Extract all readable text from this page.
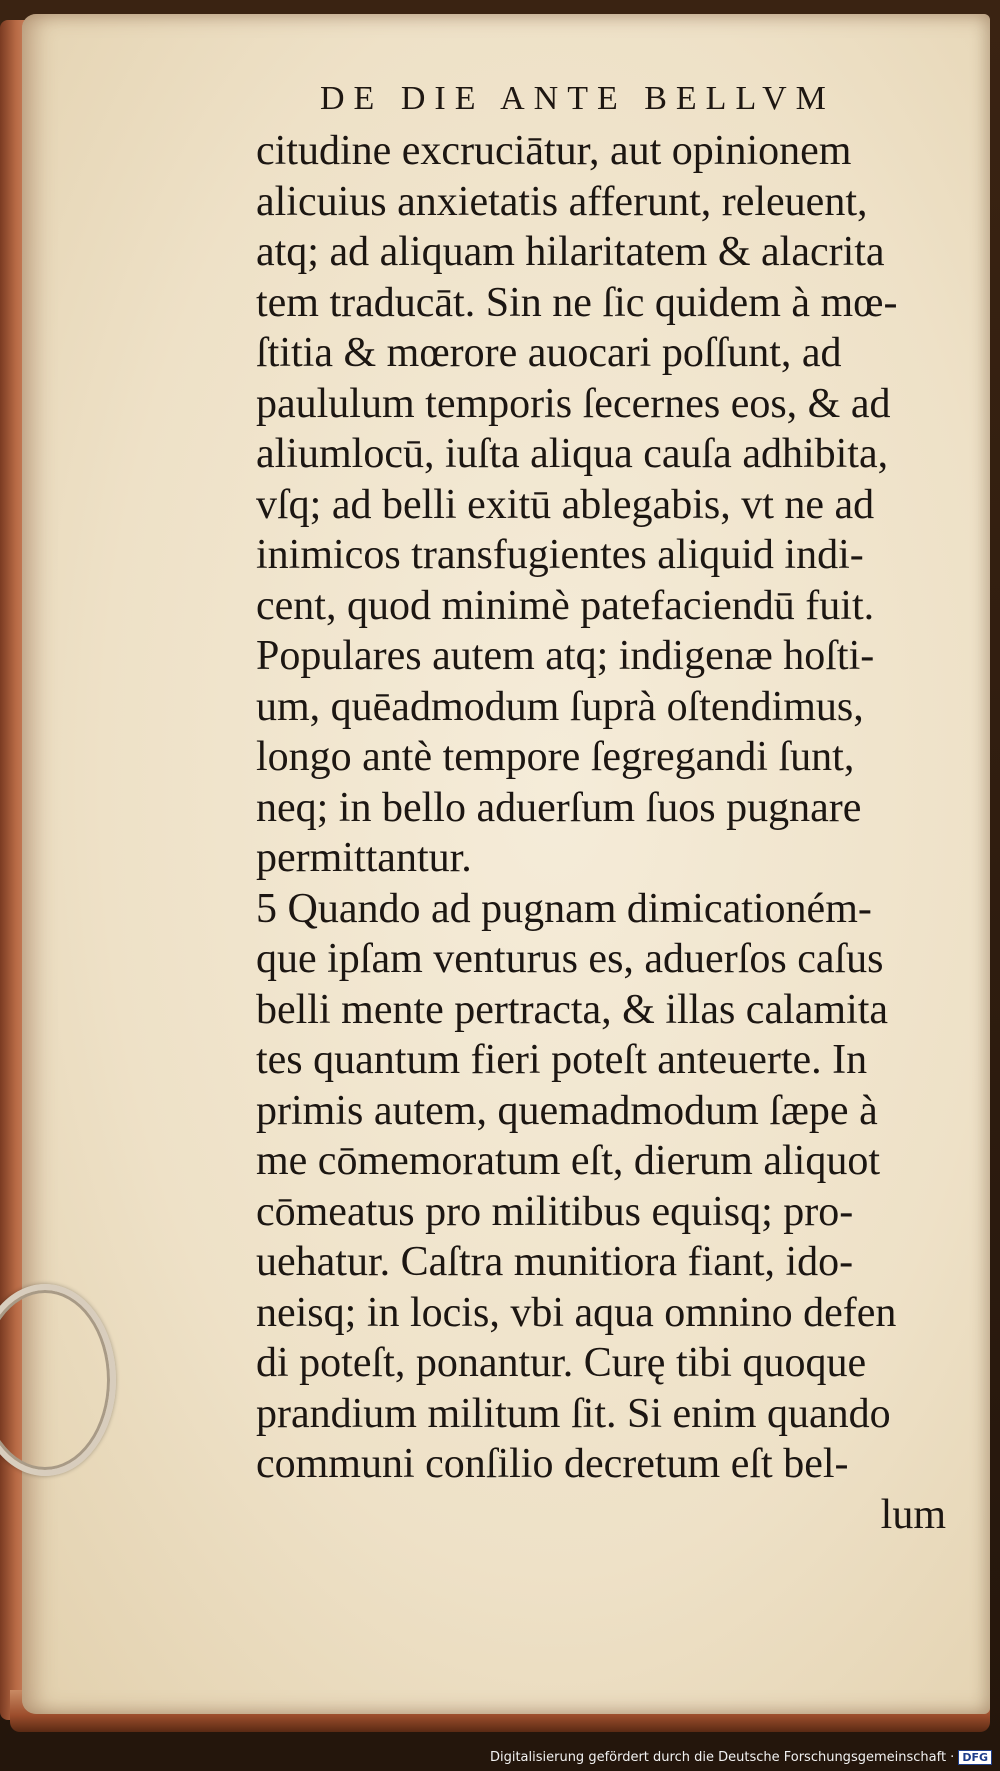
DE DIE ANTE BELLVM
citudine excruciātur, aut opinionem
alicuius anxietatis afferunt, releuent,
atq; ad aliquam hilaritatem & alacrita
tem traducāt. Sin ne ſic quidem à mœ-
ſtitia & mœrore auocari poſſunt, ad
paululum temporis ſecernes eos, & ad
aliumlocū, iuſta aliqua cauſa adhibita,
vſq; ad belli exitū ablegabis, vt ne ad
inimicos transfugientes aliquid indi-
cent, quod minimè patefaciendū fuit.
Populares autem atq; indigenæ hoſti-
um, quēadmodum ſuprà oſtendimus,
longo antè tempore ſegregandi ſunt,
neq; in bello aduerſum ſuos pugnare
permittantur.
5 Quando ad pugnam dimicationém-
que ipſam venturus es, aduerſos caſus
belli mente pertracta, & illas calamita
tes quantum fieri poteſt anteuerte. In
primis autem, quemadmodum ſæpe à
me cōmemoratum eſt, dierum aliquot
cōmeatus pro militibus equisq; pro-
uehatur. Caſtra munitiora fiant, ido-
neisq; in locis, vbi aqua omnino defen
di poteſt, ponantur. Curę tibi quoque
prandium militum ſit. Si enim quando
communi conſilio decretum eſt bel-
lum
Digitalisierung gefördert durch die Deutsche Forschungsgemeinschaft · DFG
